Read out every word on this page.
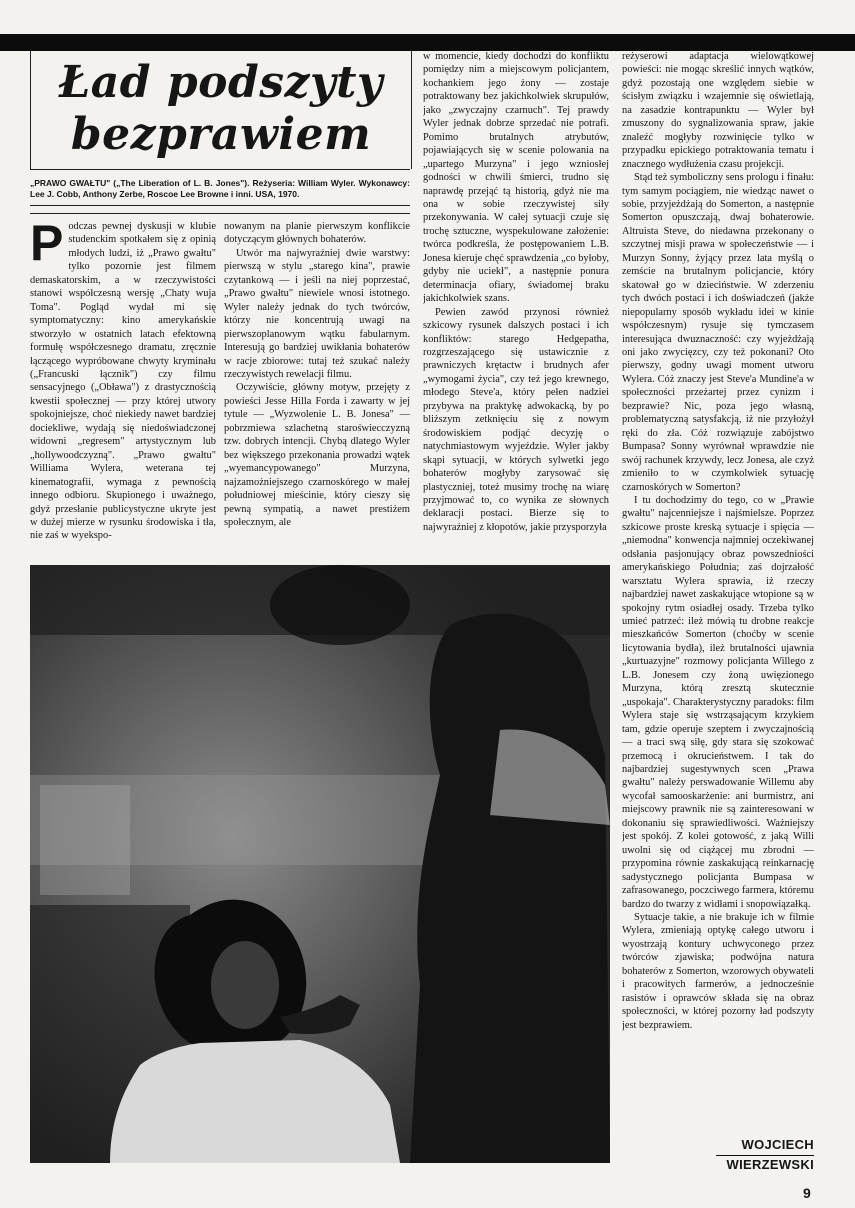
Ład podszyty
bezprawiem

„PRAWO GWAŁTU" („The Liberation of L. B. Jones"). Reżyseria: William Wyler. Wykonawcy: Lee J. Cobb, Anthony Zerbe, Roscoe Lee Browne i inni. USA, 1970.

P odczas pewnej dyskusji w klubie studenckim spotkałem się z opinią młodych ludzi, iż „Prawo gwałtu" tylko pozornie jest filmem demaskatorskim, a w rzeczywistości stanowi współczesną wersję „Chaty wuja Toma". Pogląd wydał mi się symptomatyczny: kino amerykańskie stworzyło w ostatnich latach efektowną formułę współczesnego dramatu, zręcznie łączącego wypróbowane chwyty kryminału („Francuski łącznik") czy filmu sensacyjnego („Obława") z drastycznością kwestii społecznej — przy której utwory spokojniejsze, choć niekiedy nawet bardziej dociekliwe, wydają się niedoświadczonej widowni „regresem" artystycznym lub „hollywoodczyzną". „Prawo gwałtu" Williama Wylera, weterana tej kinematografii, wymaga z pewnością innego odbioru. Skupionego i uważnego, gdyż przesłanie publicystyczne ukryte jest w dużej mierze w rysunku środowiska i tła, nie zaś w wyekspo-

nowanym na planie pierwszym konflikcie dotyczącym głównych bohaterów.

Utwór ma najwyraźniej dwie warstwy: pierwszą w stylu „starego kina", prawie czytankową — i jeśli na niej poprzestać, „Prawo gwałtu" niewiele wnosi istotnego. Wyler należy jednak do tych twórców, którzy nie koncentrują uwagi na pierwszoplanowym wątku fabularnym. Interesują go bardziej uwikłania bohaterów w racje zbiorowe: tutaj też szukać należy rzeczywistych rewelacji filmu.

Oczywiście, główny motyw, przejęty z powieści Jesse Hilla Forda i zawarty w jej tytule — „Wyzwolenie L. B. Jonesa" — pobrzmiewa szlachetną staroświecczyzną tzw. dobrych intencji. Chybą dlatego Wyler bez większego przekonania prowadzi wątek „wyemancypowanego" Murzyna, najzamożniejszego czarnoskórego w małej południowej mieścinie, który cieszy się pewną sympatią, a nawet prestiżem społecznym, ale

w momencie, kiedy dochodzi do konfliktu pomiędzy nim a miejscowym policjantem, kochankiem jego żony — zostaje potraktowany bez jakichkolwiek skrupułów, jako „zwyczajny czarnuch". Tej prawdy Wyler jednak dobrze sprzedać nie potrafi. Pomimo brutalnych atrybutów, pojawiających się w scenie polowania na „upartego Murzyna" i jego wzniosłej godności w chwili śmierci, trudno się naprawdę przejąć tą historią, gdyż nie ma ona w sobie rzeczywistej siły przekonywania. W całej sytuacji czuje się trochę sztuczne, wyspekulowane założenie: twórca podkreśla, że postępowaniem L.B. Jonesa kieruje chęć sprawdzenia „co byłoby, gdyby nie uciekł", a następnie ponura determinacja ofiary, świadomej braku jakichkolwiek szans.

Pewien zawód przynosi również szkicowy rysunek dalszych postaci i ich konfliktów: starego Hedgepatha, rozgrzeszającego się ustawicznie z prawniczych krętactw i brudnych afer „wymogami życia", czy też jego krewnego, młodego Steve'a, który pełen nadziei przybywa na praktykę adwokacką, by po bliższym zetknięciu się z nowym środowiskiem podjąć decyzję o natychmiastowym wyjeździe. Wyler jakby skąpi sytuacji, w których sylwetki jego bohaterów mogłyby zarysować się plastyczniej, toteż musimy trochę na wiarę przyjmować to, co wynika ze słownych deklaracji postaci. Bierze się to najwyraźniej z kłopotów, jakie przysporzyła

reżyserowi adaptacja wielowątkowej powieści: nie mogąc skreślić innych wątków, gdyż pozostają one względem siebie w ścisłym związku i wzajemnie się oświetlają, na zasadzie kontrapunktu — Wyler był zmuszony do sygnalizowania spraw, jakie znaleźć mogłyby rozwinięcie tylko w przypadku epickiego potraktowania tematu i znacznego wydłużenia czasu projekcji.

Stąd też symboliczny sens prologu i finału: tym samym pociągiem, nie wiedząc nawet o sobie, przyjeżdżają do Somerton, a następnie Somerton opuszczają, dwaj bohaterowie. Altruista Steve, do niedawna przekonany o szczytnej misji prawa w społeczeństwie — i Murzyn Sonny, żyjący przez lata myślą o zemście na brutalnym policjancie, który skatował go w dzieciństwie. W zderzeniu tych dwóch postaci i ich doświadczeń (jakże niepopularny sposób wykładu idei w kinie współczesnym) rysuje się tymczasem interesująca dwuznaczność: czy wyjeżdżają oni jako zwycięzcy, czy też pokonani? Oto pierwszy, godny uwagi moment utworu Wylera. Cóż znaczy jest Steve'a Mundine'a w społeczności przeżartej przez cynizm i bezprawie? Nic, poza jego własną, problematyczną satysfakcją, iż nie przyłożył ręki do zła. Cóż rozwiązuje zabójstwo Bumpasa? Sonny wyrównał wprawdzie nie swój rachunek krzywdy, lecz Jonesa, ale czyż zmieniło to w czymkolwiek sytuację czarnoskórych w Somerton?

I tu dochodzimy do tego, co w „Prawie gwałtu" najcenniejsze i najśmielsze. Poprzez szkicowe proste kreską sytuacje i spięcia — „niemodna" konwencja najmniej oczekiwanej odsłania pasjonujący obraz powszedniości amerykańskiego Południa; zaś dojrzałość warsztatu Wylera sprawia, iż rzeczy najbardziej nawet zaskakujące wtopione są w spokojny rytm osiadłej osady. Trzeba tylko umieć patrzeć: ileż mówią tu drobne reakcje mieszkańców Somerton (choćby w scenie licytowania bydła), ileż brutalności ujawnia „kurtuazyjne" rozmowy policjanta Willego z L.B. Jonesem czy żoną uwięzionego Murzyna, którą zresztą skutecznie „uspokaja". Charakterystyczny paradoks: film Wylera staje się wstrząsającym krzykiem tam, gdzie operuje szeptem i zwyczajnością — a traci swą siłę, gdy stara się szokować przemocą i okrucieństwem. I tak do najbardziej sugestywnych scen „Prawa gwałtu" należy perswadowanie Willemu aby wycofał samooskarżenie: ani burmistrz, ani miejscowy prawnik nie są zainteresowani w dokonaniu się sprawiedliwości. Ważniejszy jest spokój. Z kolei gotowość, z jaką Willi uwolni się od ciążącej mu zbrodni — przypomina równie zaskakującą reinkarnację sadystycznego policjanta Bumpasa w zafrasowanego, poczciwego farmera, któremu bardzo do twarzy z widłami i snopowiązałką.

Sytuacje takie, a nie brakuje ich w filmie Wylera, zmieniają optykę całego utworu i wyostrzają kontury uchwyconego przez twórców zjawiska; podwójna natura bohaterów z Somerton, wzorowych obywateli i pracowitych farmerów, a jednocześnie rasistów i oprawców składa się na obraz społeczności, w której pozorny ład podszyty jest bezprawiem.

WOJCIECH
WIERZEWSKI
9
